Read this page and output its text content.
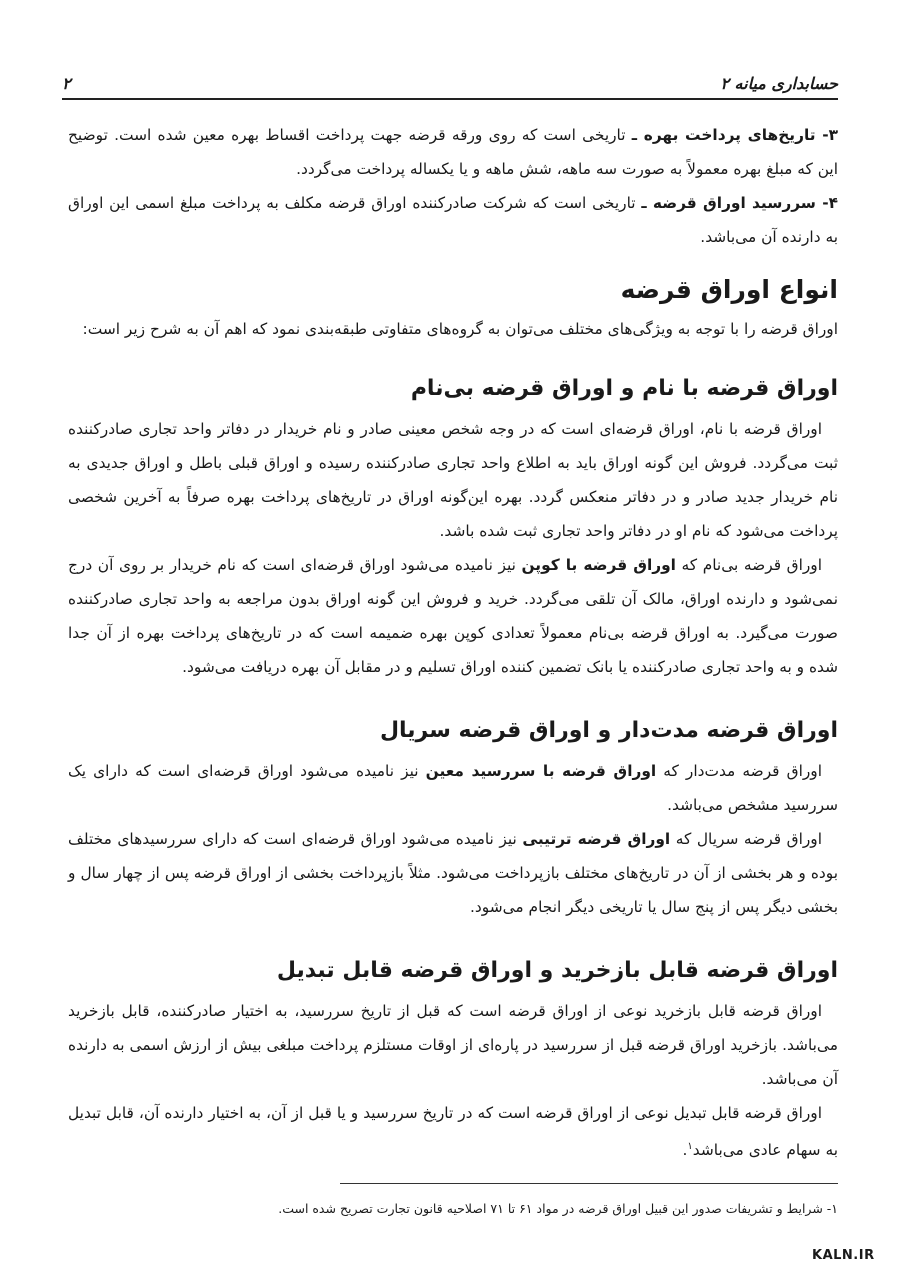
حسابداری میانه ۲
۲

۳- تاریخ‌های پرداخت بهره ـ تاریخی است که روی ورقه قرضه جهت پرداخت اقساط بهره معین شده است. توضیح این که مبلغ بهره معمولاً به صورت سه ماهه، شش ماهه و یا یکساله پرداخت می‌گردد.

۴- سررسید اوراق قرضه ـ تاریخی است که شرکت صادرکننده اوراق قرضه مکلف به پرداخت مبلغ اسمی این اوراق به دارنده آن می‌باشد.

انواع اوراق قرضه

اوراق قرضه را با توجه به ویژگی‌های مختلف می‌توان به گروه‌های متفاوتی طبقه‌بندی نمود که اهم آن به شرح زیر است:

اوراق قرضه با نام و اوراق قرضه بی‌نام

اوراق قرضه با نام، اوراق قرضه‌ای است که در وجه شخص معینی صادر و نام خریدار در دفاتر واحد تجاری صادرکننده ثبت می‌گردد. فروش این گونه اوراق باید به اطلاع واحد تجاری صادرکننده رسیده و اوراق قبلی باطل و اوراق جدیدی به نام خریدار جدید صادر و در دفاتر منعکس گردد. بهره این‌گونه اوراق در تاریخ‌های پرداخت بهره صرفاً به آخرین شخصی پرداخت می‌شود که نام او در دفاتر واحد تجاری ثبت شده باشد.

اوراق قرضه بی‌نام که اوراق قرضه با کوپن نیز نامیده می‌شود اوراق قرضه‌ای است که نام خریدار بر روی آن درج نمی‌شود و دارنده اوراق، مالک آن تلقی می‌گردد. خرید و فروش این گونه اوراق بدون مراجعه به واحد تجاری صادرکننده صورت می‌گیرد. به اوراق قرضه بی‌نام معمولاً تعدادی کوپن بهره ضمیمه است که در تاریخ‌های پرداخت بهره از آن جدا شده و به واحد تجاری صادرکننده یا بانک تضمین کننده اوراق تسلیم و در مقابل آن بهره دریافت می‌شود.

اوراق قرضه مدت‌دار و اوراق قرضه سریال

اوراق قرضه مدت‌دار که اوراق قرضه با سررسید معین نیز نامیده می‌شود اوراق قرضه‌ای است که دارای یک سررسید مشخص می‌باشد.

اوراق قرضه سریال که اوراق قرضه ترتیبی نیز نامیده می‌شود اوراق قرضه‌ای است که دارای سررسیدهای مختلف بوده و هر بخشی از آن در تاریخ‌های مختلف بازپرداخت می‌شود. مثلاً بازپرداخت بخشی از اوراق قرضه پس از چهار سال و بخشی دیگر پس از پنج سال یا تاریخی دیگر انجام می‌شود.

اوراق قرضه قابل بازخرید و اوراق قرضه قابل تبدیل

اوراق قرضه قابل بازخرید نوعی از اوراق قرضه است که قبل از تاریخ سررسید، به اختیار صادرکننده، قابل بازخرید می‌باشد. بازخرید اوراق قرضه قبل از سررسید در پاره‌ای از اوقات مستلزم پرداخت مبلغی بیش از ارزش اسمی به دارنده آن می‌باشد.

اوراق قرضه قابل تبدیل نوعی از اوراق قرضه است که در تاریخ سررسید و یا قبل از آن، به اختیار دارنده آن، قابل تبدیل به سهام عادی می‌باشد$^۱$.

۱- شرایط و تشریفات صدور این قبیل اوراق قرضه در مواد ۶۱ تا ۷۱ اصلاحیه قانون تجارت تصریح شده است.
KALN.IR
